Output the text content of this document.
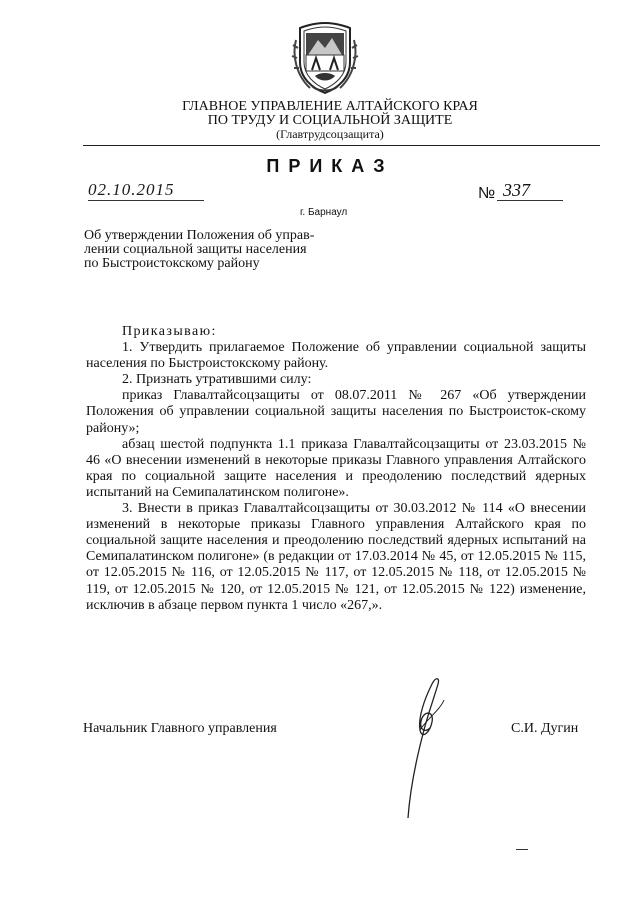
ГЛАВНОЕ УПРАВЛЕНИЕ АЛТАЙСКОГО КРАЯ
ПО ТРУДУ И СОЦИАЛЬНОЙ ЗАЩИТЕ
(Главтрудсоцзащита)
ПРИКАЗ
02.10.2015	№ 337
г. Барнаул
Об утверждении Положения об управ-
лении социальной защиты населения
по Быстроистокскому району

Приказываю:

1. Утвердить прилагаемое Положение об управлении социальной защиты населения по Быстроистокскому району.

2. Признать утратившими силу:

приказ Главалтайсоцзащиты от 08.07.2011 № 267 «Об утверждении Положения об управлении социальной защиты населения по Быстроисток-скому району»;

абзац шестой подпункта 1.1 приказа Главалтайсоцзащиты от 23.03.2015 № 46 «О внесении изменений в некоторые приказы Главного управления Алтайского края по социальной защите населения и преодолению последствий ядерных испытаний на Семипалатинском полигоне».

3. Внести в приказ Главалтайсоцзащиты от 30.03.2012 № 114 «О внесении изменений в некоторые приказы Главного управления Алтайского края по социальной защите населения и преодолению последствий ядерных испытаний на Семипалатинском полигоне» (в редакции от 17.03.2014 № 45, от 12.05.2015 № 115, от 12.05.2015 № 116, от 12.05.2015 № 117, от 12.05.2015 № 118, от 12.05.2015 № 119, от 12.05.2015 № 120, от 12.05.2015 № 121, от 12.05.2015 № 122) изменение, исключив в абзаце первом пункта 1 число «267,».

Начальник Главного управления	С.И. Дугин
